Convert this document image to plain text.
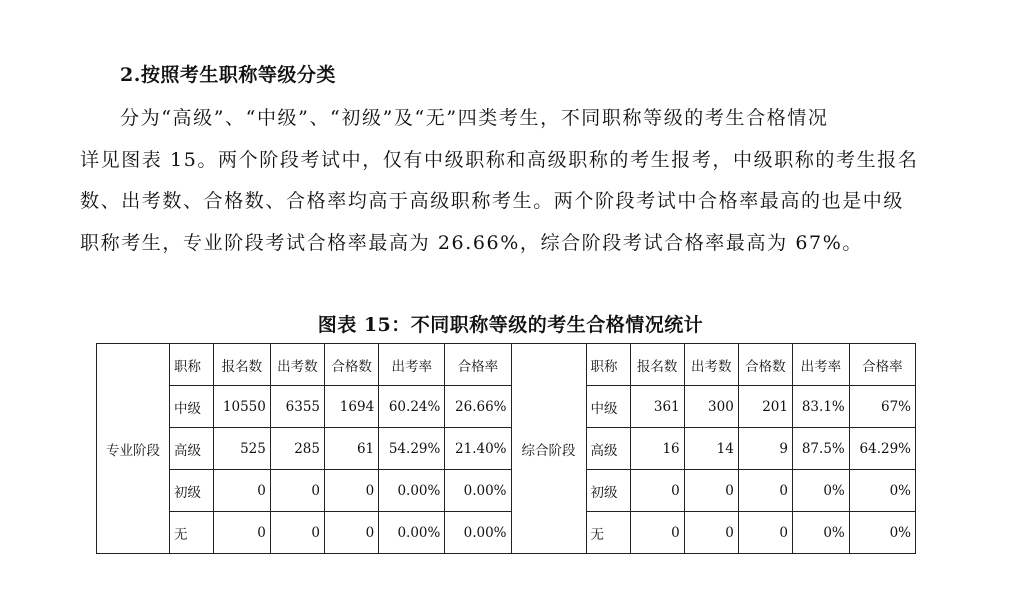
2.按照考生职称等级分类
分为“高级”、“中级”、“初级”及“无”四类考生，不同职称等级的考生合格情况
详见图表 15。两个阶段考试中，仅有中级职称和高级职称的考生报考，中级职称的考生报名
数、出考数、合格数、合格率均高于高级职称考生。两个阶段考试中合格率最高的也是中级
职称考生，专业阶段考试合格率最高为 26.66%，综合阶段考试合格率最高为 67%。
图表 15：不同职称等级的考生合格情况统计
专业阶段	职称	报名数	出考数	合格数	出考率	合格率	综合阶段	职称	报名数	出考数	合格数	出考率	合格率
	中级	10550	6355	1694	60.24%	26.66%		中级	361	300	201	83.1%	67%
	高级	525	285	61	54.29%	21.40%		高级	16	14	9	87.5%	64.29%
	初级	0	0	0	0.00%	0.00%		初级	0	0	0	0%	0%
	无	0	0	0	0.00%	0.00%		无	0	0	0	0%	0%
